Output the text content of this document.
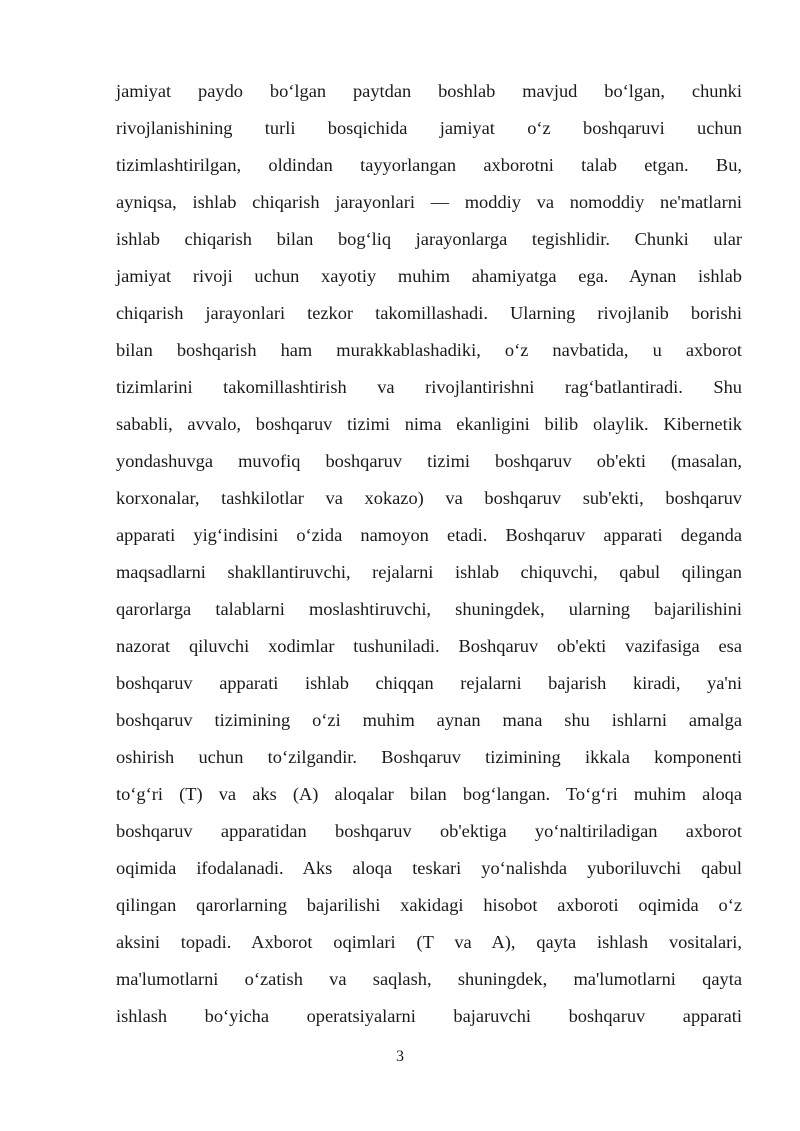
jamiyat paydo bo‘lgan paytdan boshlab mavjud bo‘lgan, chunki

rivojlanishining turli bosqichida jamiyat o‘z boshqaruvi uchun

tizimlashtirilgan, oldindan tayyorlangan axborotni talab etgan. Bu,

ayniqsa, ishlab chiqarish jarayonlari — moddiy va nomoddiy ne'matlarni

ishlab chiqarish bilan bog‘liq jarayonlarga tegishlidir. Chunki ular

jamiyat rivoji uchun xayotiy muhim ahamiyatga ega. Aynan ishlab

chiqarish jarayonlari tezkor takomillashadi. Ularning rivojlanib borishi

bilan boshqarish ham murakkablashadiki, o‘z navbatida, u axborot

tizimlarini takomillashtirish va rivojlantirishni rag‘batlantiradi. Shu

sababli, avvalo, boshqaruv tizimi nima ekanligini bilib olaylik. Kibernetik

yondashuvga muvofiq boshqaruv tizimi boshqaruv ob'ekti (masalan,

korxonalar, tashkilotlar va xokazo) va boshqaruv sub'ekti, boshqaruv

apparati yig‘indisini o‘zida namoyon etadi. Boshqaruv apparati deganda

maqsadlarni shakllantiruvchi, rejalarni ishlab chiquvchi, qabul qilingan

qarorlarga talablarni moslashtiruvchi, shuningdek, ularning bajarilishini

nazorat qiluvchi xodimlar tushuniladi. Boshqaruv ob'ekti vazifasiga esa

boshqaruv apparati ishlab chiqqan rejalarni bajarish kiradi, ya'ni

boshqaruv tizimining o‘zi muhim aynan mana shu ishlarni amalga

oshirish uchun to‘zilgandir. Boshqaruv tizimining ikkala komponenti

to‘g‘ri (T) va aks (A) aloqalar bilan bog‘langan. To‘g‘ri muhim aloqa

boshqaruv apparatidan boshqaruv ob'ektiga yo‘naltiriladigan axborot

oqimida ifodalanadi. Aks aloqa teskari yo‘nalishda yuboriluvchi qabul

qilingan qarorlarning bajarilishi xakidagi hisobot axboroti oqimida o‘z

aksini topadi. Axborot oqimlari (T va A), qayta ishlash vositalari,

ma'lumotlarni o‘zatish va saqlash, shuningdek, ma'lumotlarni qayta

ishlash bo‘yicha operatsiyalarni bajaruvchi boshqaruv apparati

3
